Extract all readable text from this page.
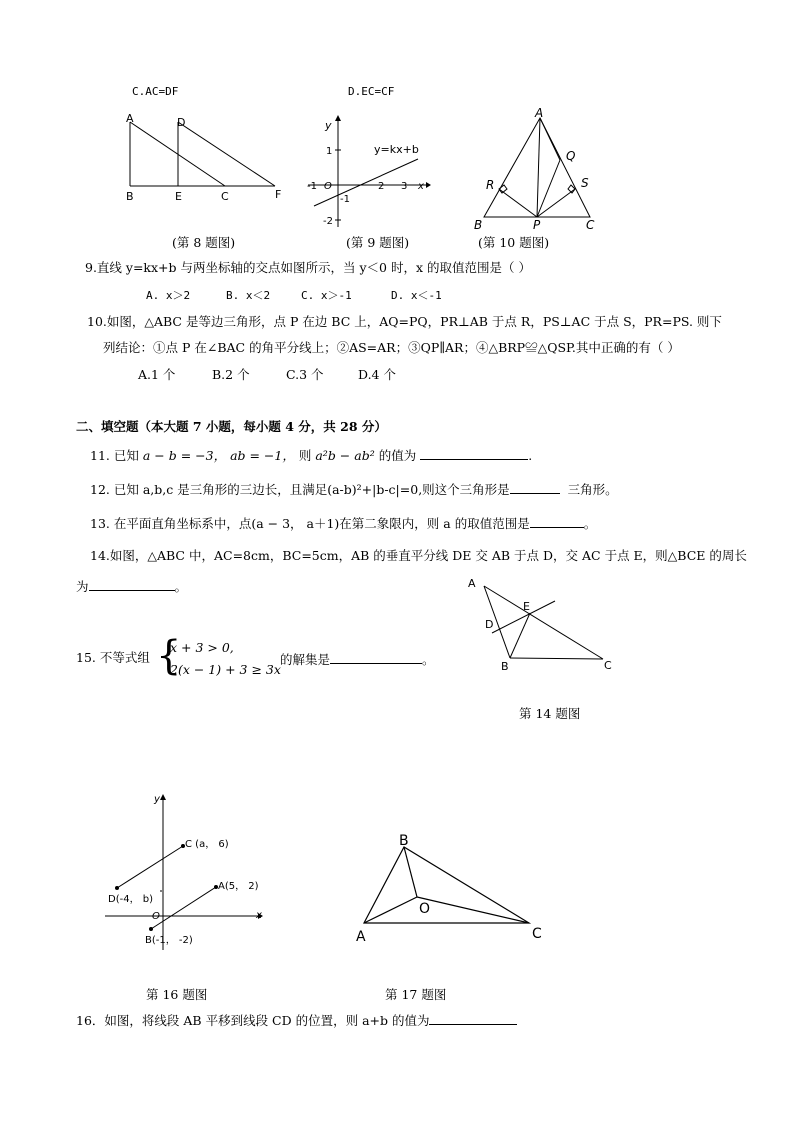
C.AC=DF	D.EC=CF
A	D
B	E	C	F
y
x
1
-1
-2
-1 O	2 3
y=kx+b
A
B	C
P
Q
R	S
(第 8 题图)	(第 9 题图)	(第 10 题图)
9.直线 y=kx+b 与两坐标轴的交点如图所示，当 y＜0 时，x 的取值范围是（ ）
A. x＞2	B. x＜2	C. x＞-1	D. x＜-1
10.如图，△ABC 是等边三角形，点 P 在边 BC 上，AQ=PQ，PR⊥AB 于点 R，PS⊥AC 于点 S，PR=PS. 则下
列结论：①点 P 在∠BAC 的角平分线上；②AS=AR；③QP∥AR；④△BRP≌△QSP.其中正确的有（ ）
A.1 个	B.2 个	C.3 个	D.4 个
二、填空题（本大题 7 小题，每小题 4 分，共 28 分）
11. 已知 a − b = −3， ab = −1， 则 a²b − ab² 的值为	.
12. 已知 a,b,c 是三角形的三边长，且满足(a-b)²+|b-c|=0,则这个三角形是	三角形。
13. 在平面直角坐标系中，点(a − 3， a＋1)在第二象限内，则 a 的取值范围是	。
14.如图，△ABC 中，AC=8cm，BC=5cm，AB 的垂直平分线 DE 交 AB 于点 D，交 AC 于点 E，则△BCE 的周长
为	。	A
B	C
D
E
15. 不等式组 {
x + 3 > 0,
2(x − 1) + 3 ≥ 3x
的解集是	。
第 14 题图
y
x
O
C (a， 6)
D(-4， b)
A(5， 2)
B(-1， -2)
B
A	C
O
第 16 题图	第 17 题图
16．如图，将线段 AB 平移到线段 CD 的位置，则 a+b 的值为
